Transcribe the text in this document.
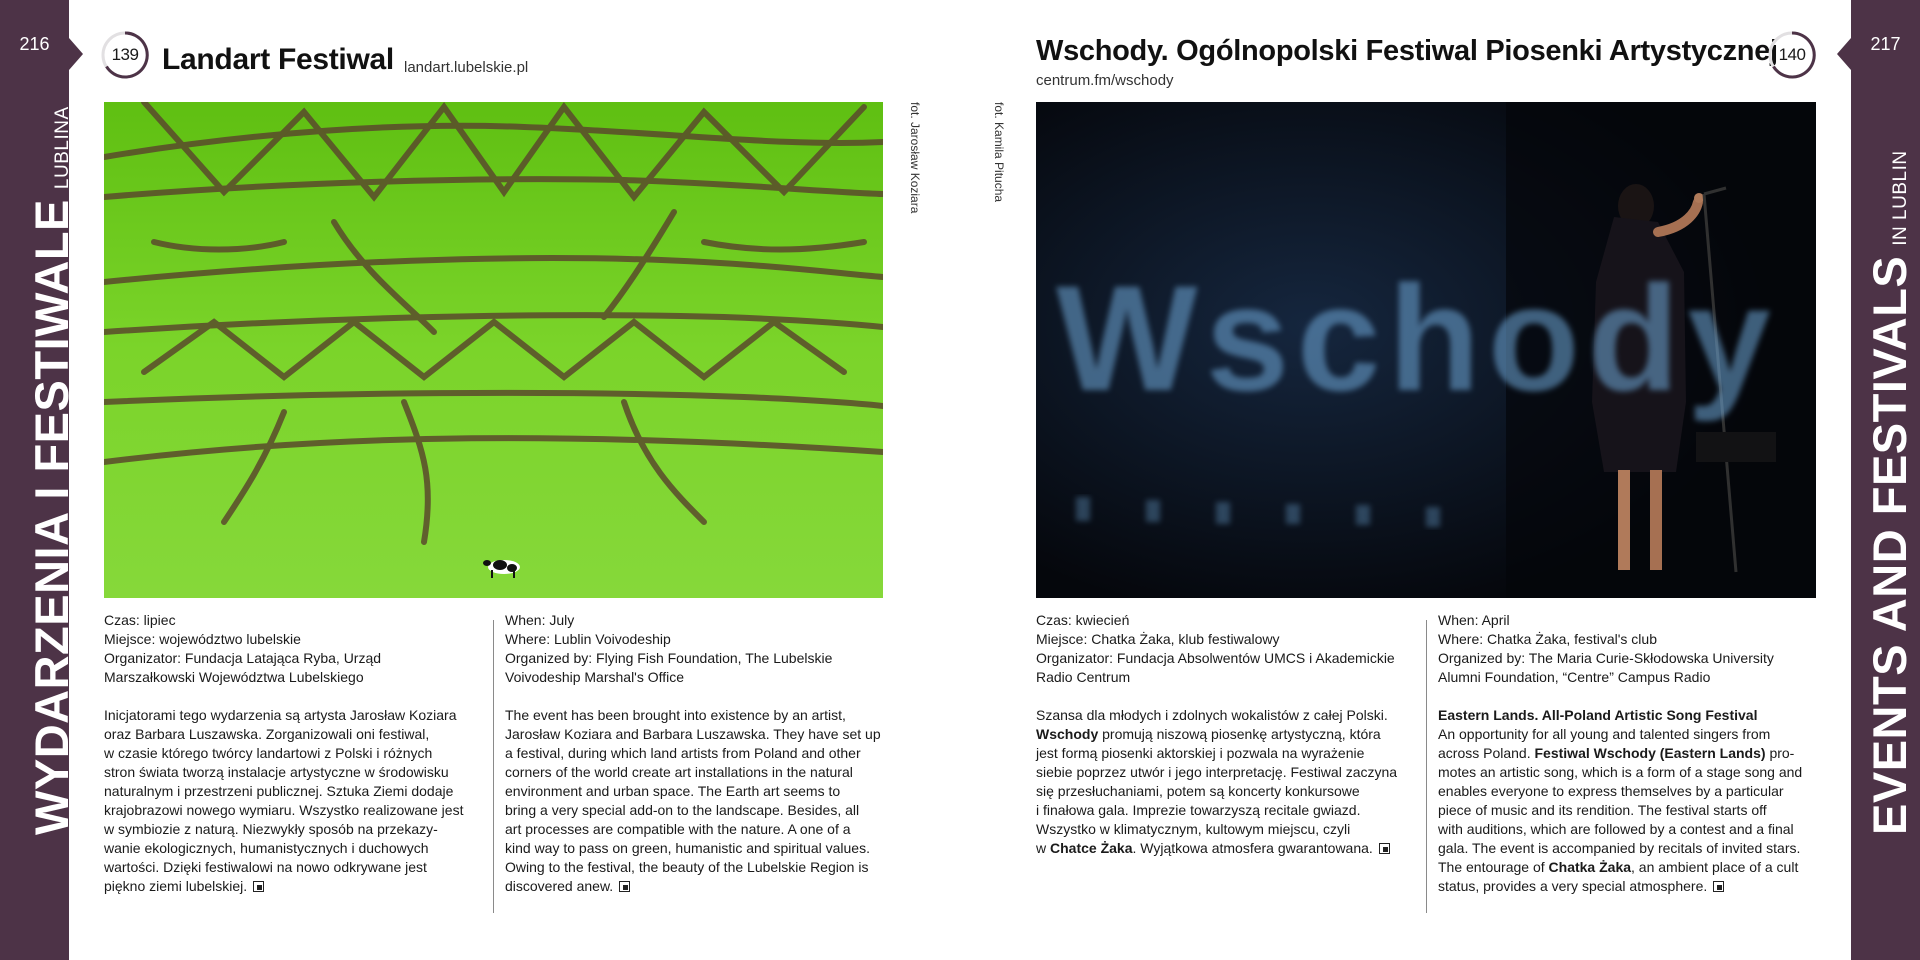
216
WYDARZENIA I FESTIWALELUBLINA
217
EVENTS AND FESTIVALSIN LUBLIN
139 Landart Festiwal landart.lubelskie.pl
fot. Jarosław Koziara

Czas: lipiec

Miejsce: województwo lubelskie

Organizator: Fundacja Latająca Ryba, Urząd

Marszałkowski Województwa Lubelskiego

Inicjatorami tego wydarzenia są artysta Jarosław Koziara

oraz Barbara Luszawska. Zorganizowali oni festiwal,

w czasie którego twórcy landartowi z Polski i różnych

stron świata tworzą instalacje artystyczne w środowisku

naturalnym i przestrzeni publicznej. Sztuka Ziemi dodaje

krajobrazowi nowego wymiaru. Wszystko realizowane jest

w symbiozie z naturą. Niezwykły sposób na przekazy-

wanie ekologicznych, humanistycznych i duchowych

wartości. Dzięki festiwalowi na nowo odkrywane jest

piękno ziemi lubelskiej.

When: July

Where: Lublin Voivodeship

Organized by: Flying Fish Foundation, The Lubelskie

Voivodeship Marshal's Office

The event has been brought into existence by an artist,

Jarosław Koziara and Barbara Luszawska. They have set up

a festival, during which land artists from Poland and other

corners of the world create art installations in the natural

environment and urban space. The Earth art seems to

bring a very special add-on to the landscape. Besides, all

art processes are compatible with the nature. A one of a

kind way to pass on green, humanistic and spiritual values.

Owing to the festival, the beauty of the Lubelskie Region is

discovered anew.

Wschody. Ogólnopolski Festiwal Piosenki Artystycznej
centrum.fm/wschody
140
fot. Kamila Pitucha
Wschody

Czas: kwiecień

Miejsce: Chatka Żaka, klub festiwalowy

Organizator: Fundacja Absolwentów UMCS i Akademickie

Radio Centrum

Szansa dla młodych i zdolnych wokalistów z całej Polski.

Wschody promują niszową piosenkę artystyczną, która

jest formą piosenki aktorskiej i pozwala na wyrażenie

siebie poprzez utwór i jego interpretację. Festiwal zaczyna

się przesłuchaniami, potem są koncerty konkursowe

i finałowa gala. Imprezie towarzyszą recitale gwiazd.

Wszystko w klimatycznym, kultowym miejscu, czyli

w Chatce Żaka. Wyjątkowa atmosfera gwarantowana.

When: April

Where: Chatka Żaka, festival's club

Organized by: The Maria Curie-Skłodowska University

Alumni Foundation, “Centre” Campus Radio

Eastern Lands. All-Poland Artistic Song Festival

An opportunity for all young and talented singers from

across Poland. Festiwal Wschody (Eastern Lands) pro-

motes an artistic song, which is a form of a stage song and

enables everyone to express themselves by a particular

piece of music and its rendition. The festival starts off

with auditions, which are followed by a contest and a final

gala. The event is accompanied by recitals of invited stars.

The entourage of Chatka Żaka, an ambient place of a cult

status, provides a very special atmosphere.
